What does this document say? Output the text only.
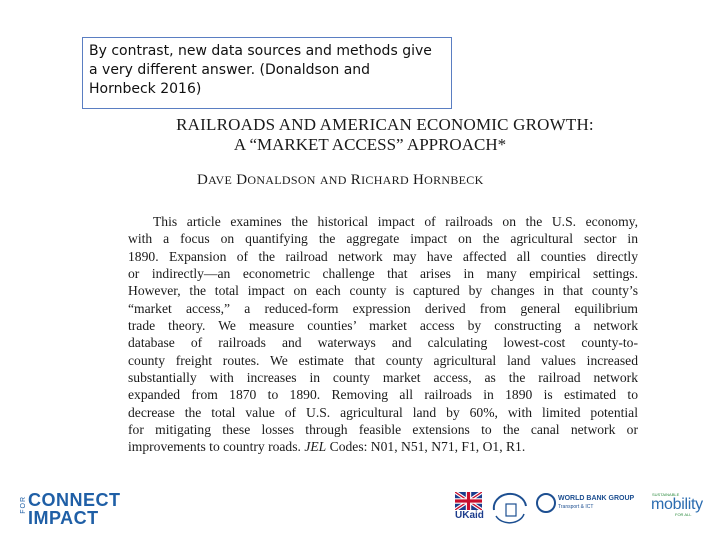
By contrast, new data sources and methods give
a very different answer. (Donaldson and
Hornbeck 2016)
RAILROADS AND AMERICAN ECONOMIC GROWTH:
A “MARKET ACCESS” APPROACH*
DAVE DONALDSON AND RICHARD HORNBECK
This article examines the historical impact of railroads on the U.S. economy,
with a focus on quantifying the aggregate impact on the agricultural sector in
1890. Expansion of the railroad network may have affected all counties directly
or indirectly—an econometric challenge that arises in many empirical settings.
However, the total impact on each county is captured by changes in that county’s
“market access,” a reduced-form expression derived from general equilibrium
trade theory. We measure counties’ market access by constructing a network
database of railroads and waterways and calculating lowest-cost county-to-
county freight routes. We estimate that county agricultural land values increased
substantially with increases in county market access, as the railroad network
expanded from 1870 to 1890. Removing all railroads in 1890 is estimated to
decrease the total value of U.S. agricultural land by 60%, with limited potential
for mitigating these losses through feasible extensions to the canal network or
improvements to country roads. JEL Codes: N01, N51, N71, F1, O1, R1.
FOR CONNECT
IMPACT	UKaid
WORLD BANK GROUP
Transport & ICT
SUSTAINABLE
mobility
FOR ALL
